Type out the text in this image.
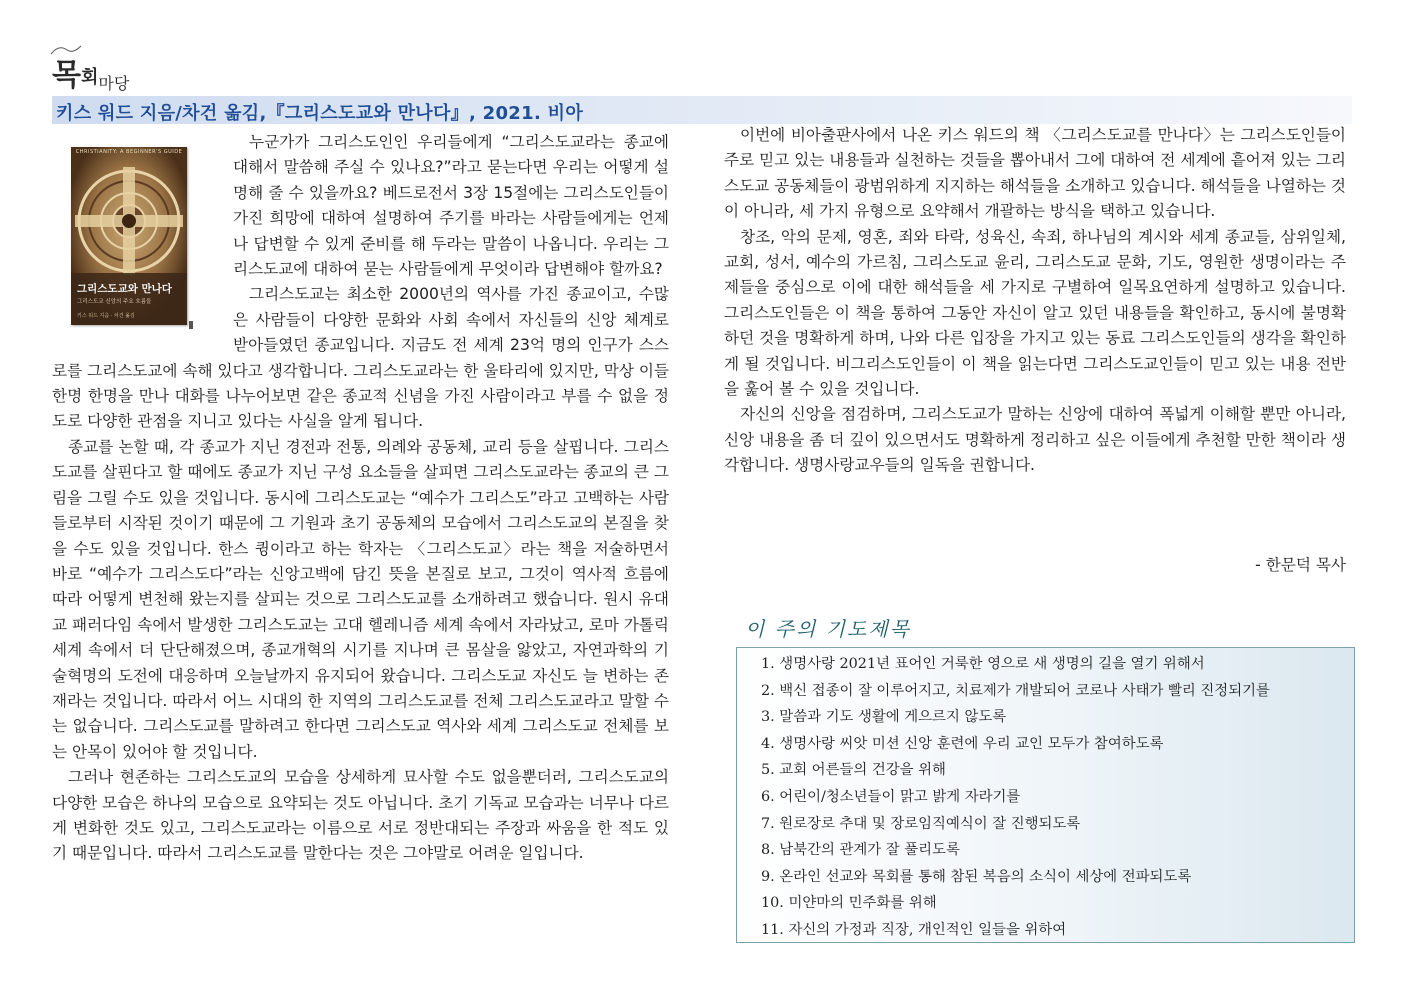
목회마당
키스 워드 지음/차건 옮김,『그리스도교와 만나다』, 2021. 비아
CHRISTIANITY: A BEGINNER'S GUIDE
그리스도교와 만나다
그리스도교 신앙의 주요 흐름들
키스 워드 지음 · 차건 옮김

누군가가 그리스도인인 우리들에게 “그리스도교라는 종교에 대해서 말씀해 주실 수 있나요?”라고 묻는다면 우리는 어떻게 설명해 줄 수 있을까요? 베드로전서 3장 15절에는 그리스도인들이 가진 희망에 대하여 설명하여 주기를 바라는 사람들에게는 언제나 답변할 수 있게 준비를 해 두라는 말씀이 나옵니다. 우리는 그리스도교에 대하여 묻는 사람들에게 무엇이라 답변해야 할까요?

그리스도교는 최소한 2000년의 역사를 가진 종교이고, 수많은 사람들이 다양한 문화와 사회 속에서 자신들의 신앙 체계로 받아들였던 종교입니다. 지금도 전 세계 23억 명의 인구가 스스로를 그리스도교에 속해 있다고 생각합니다. 그리스도교라는 한 울타리에 있지만, 막상 이들 한명 한명을 만나 대화를 나누어보면 같은 종교적 신념을 가진 사람이라고 부를 수 없을 정도로 다양한 관점을 지니고 있다는 사실을 알게 됩니다.

종교를 논할 때, 각 종교가 지닌 경전과 전통, 의례와 공동체, 교리 등을 살핍니다. 그리스도교를 살핀다고 할 때에도 종교가 지닌 구성 요소들을 살피면 그리스도교라는 종교의 큰 그림을 그릴 수도 있을 것입니다. 동시에 그리스도교는 “예수가 그리스도”라고 고백하는 사람들로부터 시작된 것이기 때문에 그 기원과 초기 공동체의 모습에서 그리스도교의 본질을 찾을 수도 있을 것입니다. 한스 큉이라고 하는 학자는 〈그리스도교〉라는 책을 저술하면서 바로 “예수가 그리스도다”라는 신앙고백에 담긴 뜻을 본질로 보고, 그것이 역사적 흐름에 따라 어떻게 변천해 왔는지를 살피는 것으로 그리스도교를 소개하려고 했습니다. 원시 유대교 패러다임 속에서 발생한 그리스도교는 고대 헬레니즘 세계 속에서 자라났고, 로마 가톨릭 세계 속에서 더 단단해졌으며, 종교개혁의 시기를 지나며 큰 몸살을 앓았고, 자연과학의 기술혁명의 도전에 대응하며 오늘날까지 유지되어 왔습니다. 그리스도교 자신도 늘 변하는 존재라는 것입니다. 따라서 어느 시대의 한 지역의 그리스도교를 전체 그리스도교라고 말할 수는 없습니다. 그리스도교를 말하려고 한다면 그리스도교 역사와 세계 그리스도교 전체를 보는 안목이 있어야 할 것입니다.

그러나 현존하는 그리스도교의 모습을 상세하게 묘사할 수도 없을뿐더러, 그리스도교의 다양한 모습은 하나의 모습으로 요약되는 것도 아닙니다. 초기 기독교 모습과는 너무나 다르게 변화한 것도 있고, 그리스도교라는 이름으로 서로 정반대되는 주장과 싸움을 한 적도 있기 때문입니다. 따라서 그리스도교를 말한다는 것은 그야말로 어려운 일입니다.

이번에 비아출판사에서 나온 키스 워드의 책 〈그리스도교를 만나다〉는 그리스도인들이 주로 믿고 있는 내용들과 실천하는 것들을 뽑아내서 그에 대하여 전 세계에 흩어져 있는 그리스도교 공동체들이 광범위하게 지지하는 해석들을 소개하고 있습니다. 해석들을 나열하는 것이 아니라, 세 가지 유형으로 요약해서 개괄하는 방식을 택하고 있습니다.

창조, 악의 문제, 영혼, 죄와 타락, 성육신, 속죄, 하나님의 계시와 세계 종교들, 삼위일체, 교회, 성서, 예수의 가르침, 그리스도교 윤리, 그리스도교 문화, 기도, 영원한 생명이라는 주제들을 중심으로 이에 대한 해석들을 세 가지로 구별하여 일목요연하게 설명하고 있습니다. 그리스도인들은 이 책을 통하여 그동안 자신이 알고 있던 내용들을 확인하고, 동시에 불명확하던 것을 명확하게 하며, 나와 다른 입장을 가지고 있는 동료 그리스도인들의 생각을 확인하게 될 것입니다. 비그리스도인들이 이 책을 읽는다면 그리스도교인들이 믿고 있는 내용 전반을 훑어 볼 수 있을 것입니다.

자신의 신앙을 점검하며, 그리스도교가 말하는 신앙에 대하여 폭넓게 이해할 뿐만 아니라, 신앙 내용을 좀 더 깊이 있으면서도 명확하게 정리하고 싶은 이들에게 추천할 만한 책이라 생각합니다. 생명사랑교우들의 일독을 권합니다.

- 한문덕 목사
이 주의 기도제목
1. 생명사랑 2021년 표어인 거룩한 영으로 새 생명의 길을 열기 위해서
2. 백신 접종이 잘 이루어지고, 치료제가 개발되어 코로나 사태가 빨리 진정되기를
3. 말씀과 기도 생활에 게으르지 않도록
4. 생명사랑 씨앗 미션 신앙 훈련에 우리 교인 모두가 참여하도록
5. 교회 어른들의 건강을 위해
6. 어린이/청소년들이 맑고 밝게 자라기를
7. 원로장로 추대 및 장로임직예식이 잘 진행되도록
8. 남북간의 관계가 잘 풀리도록
9. 온라인 선교와 목회를 통해 참된 복음의 소식이 세상에 전파되도록
10. 미얀마의 민주화를 위해
11. 자신의 가정과 직장, 개인적인 일들을 위하여
